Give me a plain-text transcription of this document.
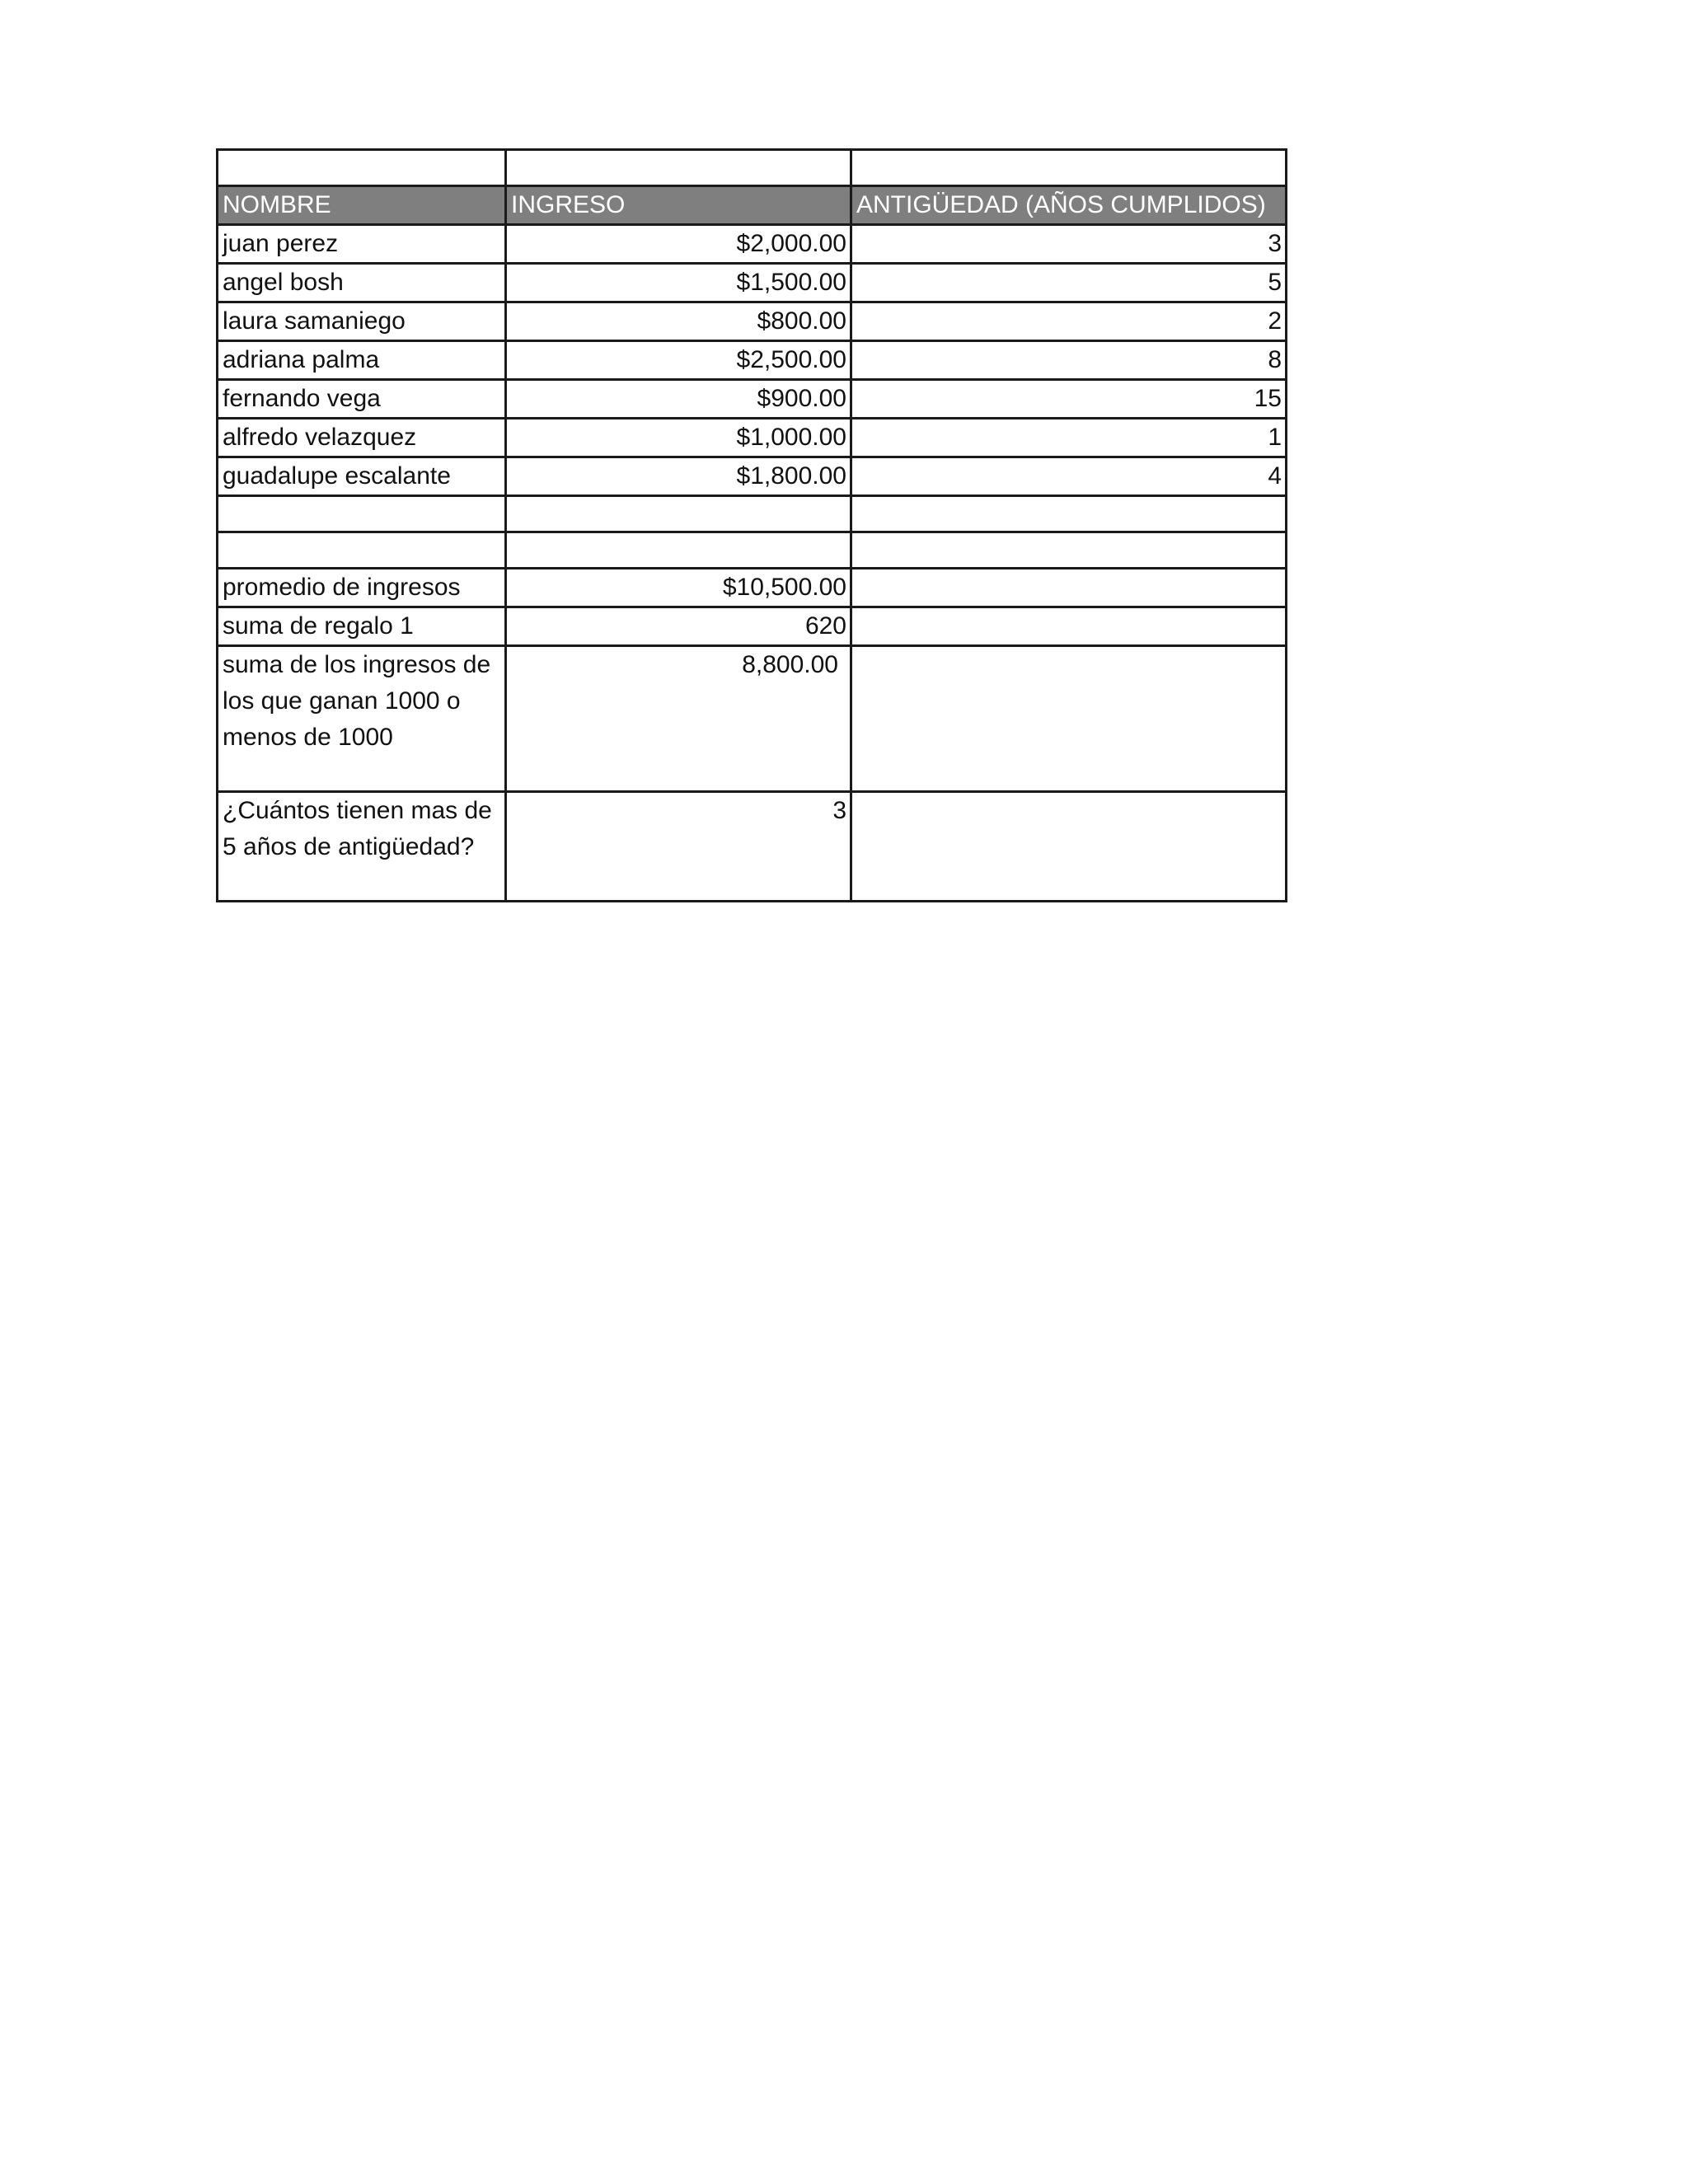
NOMBRE	INGRESO	ANTIGÜEDAD (AÑOS CUMPLIDOS)
juan perez	$2,000.00	3
angel bosh	$1,500.00	5
laura samaniego	$800.00	2
adriana palma	$2,500.00	8
fernando vega	$900.00	15
alfredo velazquez	$1,000.00	1
guadalupe escalante	$1,800.00	4

promedio de ingresos	$10,500.00	
suma de regalo 1	620	
suma de los ingresos de los que ganan 1000 o menos de 1000	8,800.00	
¿Cuántos tienen mas de 5 años de antigüedad?	3	
